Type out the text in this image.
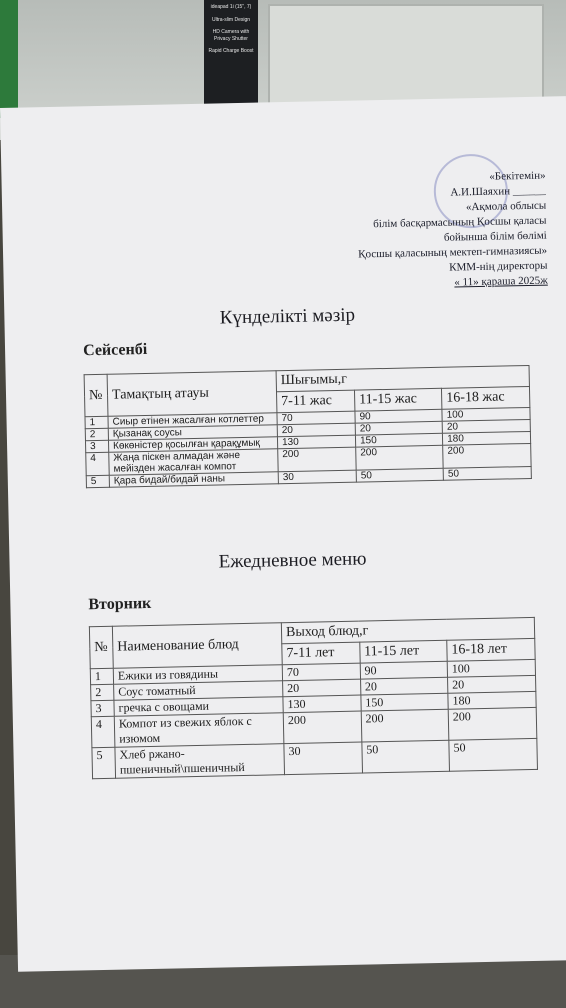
ideapad 1i (15", 7)
Ultra-slim Design
HD Camera with Privacy Shutter
Rapid Charge Boost
«Бекітемін»
А.И.Шаяхин ______
«Ақмола облысы
білім басқармасының Қосшы қаласы
бойынша білім бөлімі
Қосшы қаласының мектеп-гимназиясы»
КММ-нің директоры
« 11» қараша 2025ж
Күнделікті мәзір
Сейсенбі
№	Тамақтың атауы	Шығымы,г		
		7-11 жас	11-15 жас	16-18 жас
1	Сиыр етінен жасалған котлеттер	70	90	100
2	Қызанақ соусы	20	20	20
3	Көкөністер қосылған қарақұмық	130	150	180
4	Жаңа піскен алмадан және мейізден жасалған компот	200	200	200
5	Қара бидай/бидай наны	30	50	50
Ежедневное меню
Вторник
№	Наименование блюд	Выход блюд,г		
		7-11 лет	11-15 лет	16-18 лет
1	Ежики из говядины	70	90	100
2	Соус томатный	20	20	20
3	гречка с овощами	130	150	180
4	Компот из свежих яблок с изюмом	200	200	200
5	Хлеб ржано-пшеничный\пшеничный	30	50	50
